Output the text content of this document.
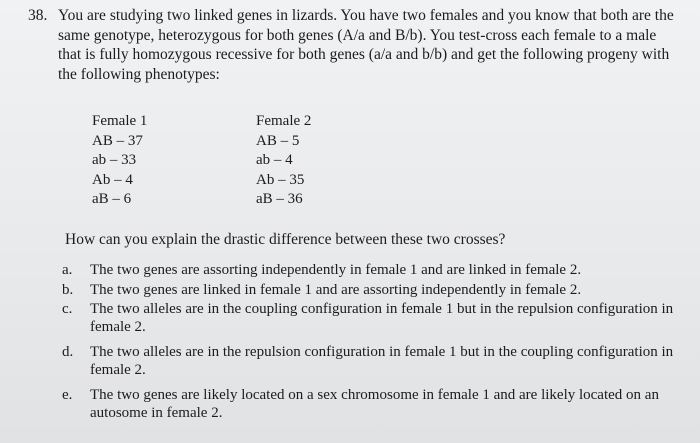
38. You are studying two linked genes in lizards. You have two females and you know that both are the same genotype, heterozygous for both genes (A/a and B/b). You test-cross each female to a male that is fully homozygous recessive for both genes (a/a and b/b) and get the following progeny with the following phenotypes:

Female 1
AB – 37
ab – 33
Ab – 4
aB – 6
Female 2
AB – 5
ab – 4
Ab – 35
aB – 36
How can you explain the drastic difference between these two crosses?
a. The two genes are assorting independently in female 1 and are linked in female 2.
b. The two genes are linked in female 1 and are assorting independently in female 2.
c. The two alleles are in the coupling configuration in female 1 but in the repulsion configuration in female 2.
d. The two alleles are in the repulsion configuration in female 1 but in the coupling configuration in female 2.
e. The two genes are likely located on a sex chromosome in female 1 and are likely located on an autosome in female 2.
